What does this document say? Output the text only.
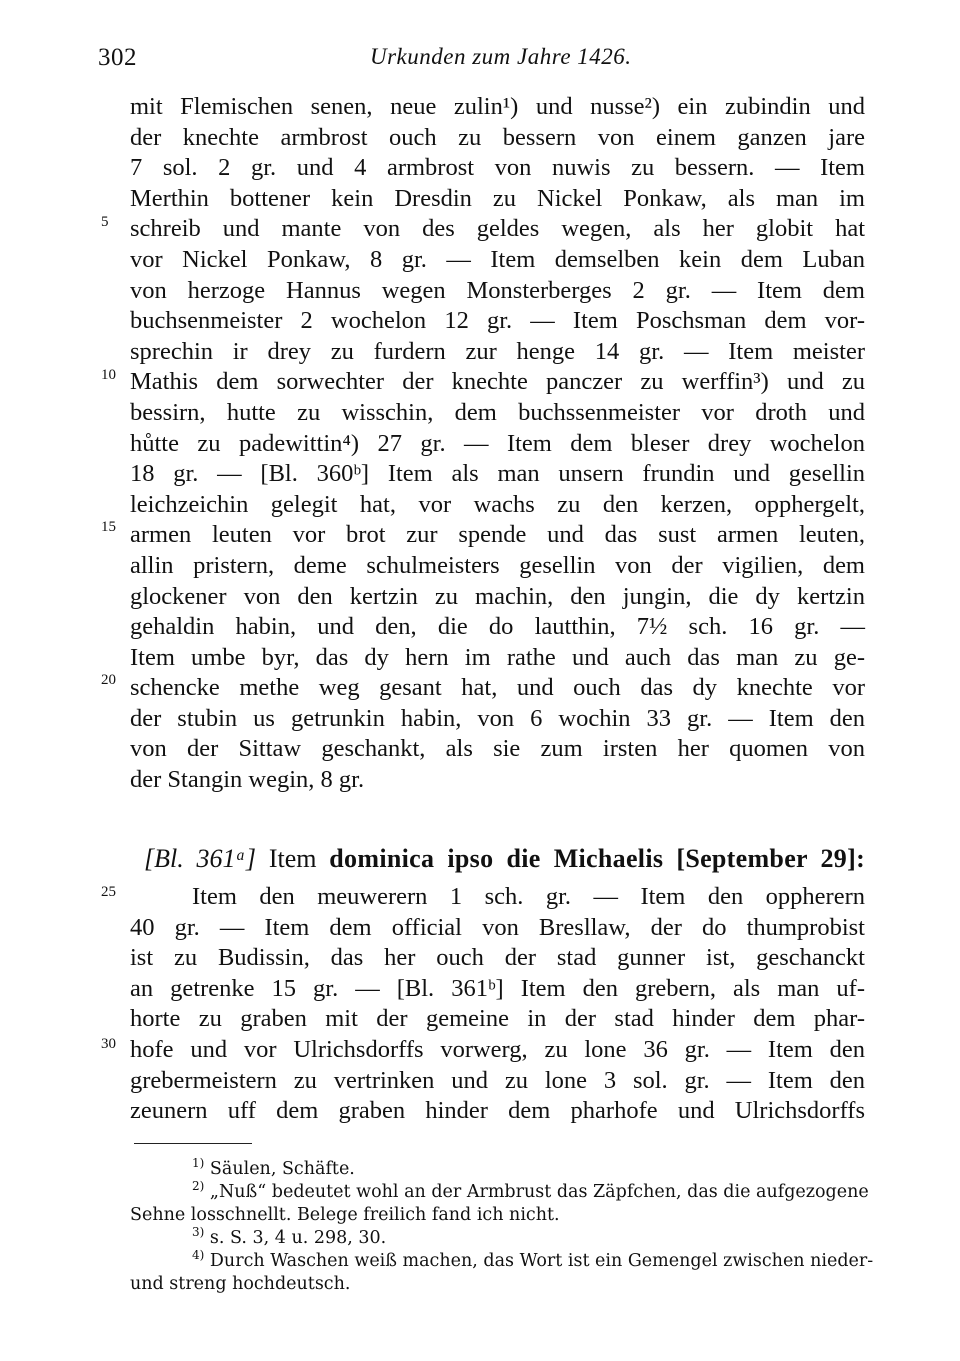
302	Urkunden zum Jahre 1426.
5
10
15
20
25
30
mit Flemischen senen, neue zulin¹) und nusse²) ein zubindin und
der knechte armbrost ouch zu bessern von einem ganzen jare
7 sol. 2 gr. und 4 armbrost von nuwis zu bessern. — Item
Merthin bottener kein Dresdin zu Nickel Ponkaw, als man im
schreib und mante von des geldes wegen, als her globit hat
vor Nickel Ponkaw, 8 gr. — Item demselben kein dem Luban
von herzoge Hannus wegen Monsterberges 2 gr. — Item dem
buchsenmeister 2 wochelon 12 gr. — Item Poschsman dem vor-
sprechin ir drey zu furdern zur henge 14 gr. — Item meister
Mathis dem sorwechter der knechte panczer zu werffin³) und zu
bessirn, hutte zu wisschin, dem buchssenmeister vor droth und
hůtte zu padewittin⁴) 27 gr. — Item dem bleser drey wochelon
18 gr. — [Bl. 360ᵇ] Item als man unsern frundin und gesellin
leichzeichin gelegit hat, vor wachs zu den kerzen, opphergelt,
armen leuten vor brot zur spende und das sust armen leuten,
allin pristern, deme schulmeisters gesellin von der vigilien, dem
glockener von den kertzin zu machin, den jungin, die dy kertzin
gehaldin habin, und den, die do lautthin, 7½ sch. 16 gr. —
Item umbe byr, das dy hern im rathe und auch das man zu ge-
schencke methe weg gesant hat, und ouch das dy knechte vor
der stubin us getrunkin habin, von 6 wochin 33 gr. — Item den
von der Sittaw geschankt, als sie zum irsten her quomen von
der Stangin wegin, 8 gr.
[Bl. 361ᵃ] Item dominica ipso die Michaelis [September 29]:
Item den meuwerern 1 sch. gr. — Item den oppherern
40 gr. — Item dem official von Bresllaw, der do thumprobist
ist zu Budissin, das her ouch der stad gunner ist, geschanckt
an getrenke 15 gr. — [Bl. 361ᵇ] Item den grebern, als man uf-
horte zu graben mit der gemeine in der stad hinder dem phar-
hofe und vor Ulrichsdorffs vorwerg, zu lone 36 gr. — Item den
grebermeistern zu vertrinken und zu lone 3 sol. gr. — Item den
zeunern uff dem graben hinder dem pharhofe und Ulrichsdorffs
$^{1)}$ Säulen, Schäfte.
$^{2)}$ „Nuß“ bedeutet wohl an der Armbrust das Zäpfchen, das die aufgezogene
Sehne losschnellt. Belege freilich fand ich nicht.
$^{3)}$ s. S. 3, 4 u. 298, 30.
$^{4)}$ Durch Waschen weiß machen, das Wort ist ein Gemengel zwischen nieder-
und streng hochdeutsch.
